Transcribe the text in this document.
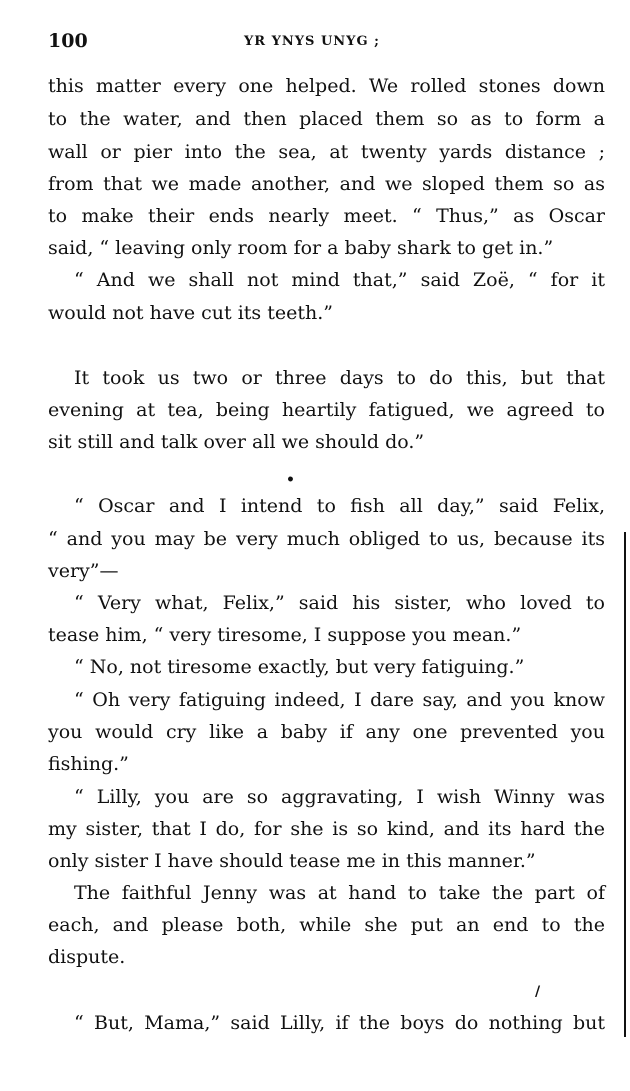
100	YR YNYS UNYG ;
this matter every one helped. We rolled stones down
to the water, and then placed them so as to form a
wall or pier into the sea, at twenty yards distance ;
from that we made another, and we sloped them so as
to make their ends nearly meet. “ Thus,” as Oscar
said, “ leaving only room for a baby shark to get in.”
“ And we shall not mind that,” said Zoë, “ for it
would not have cut its teeth.”
It took us two or three days to do this, but that
evening at tea, being heartily fatigued, we agreed to
sit still and talk over all we should do.”
•
“ Oscar and I intend to fish all day,” said Felix,
“ and you may be very much obliged to us, because its
very”—
“ Very what, Felix,” said his sister, who loved to
tease him, “ very tiresome, I suppose you mean.”
“ No, not tiresome exactly, but very fatiguing.”
“ Oh very fatiguing indeed, I dare say, and you know
you would cry like a baby if any one prevented you
fishing.”
“ Lilly, you are so aggravating, I wish Winny was
my sister, that I do, for she is so kind, and its hard the
only sister I have should tease me in this manner.”
The faithful Jenny was at hand to take the part of
each, and please both, while she put an end to the
dispute.
/
“ But, Mama,” said Lilly, if the boys do nothing but
